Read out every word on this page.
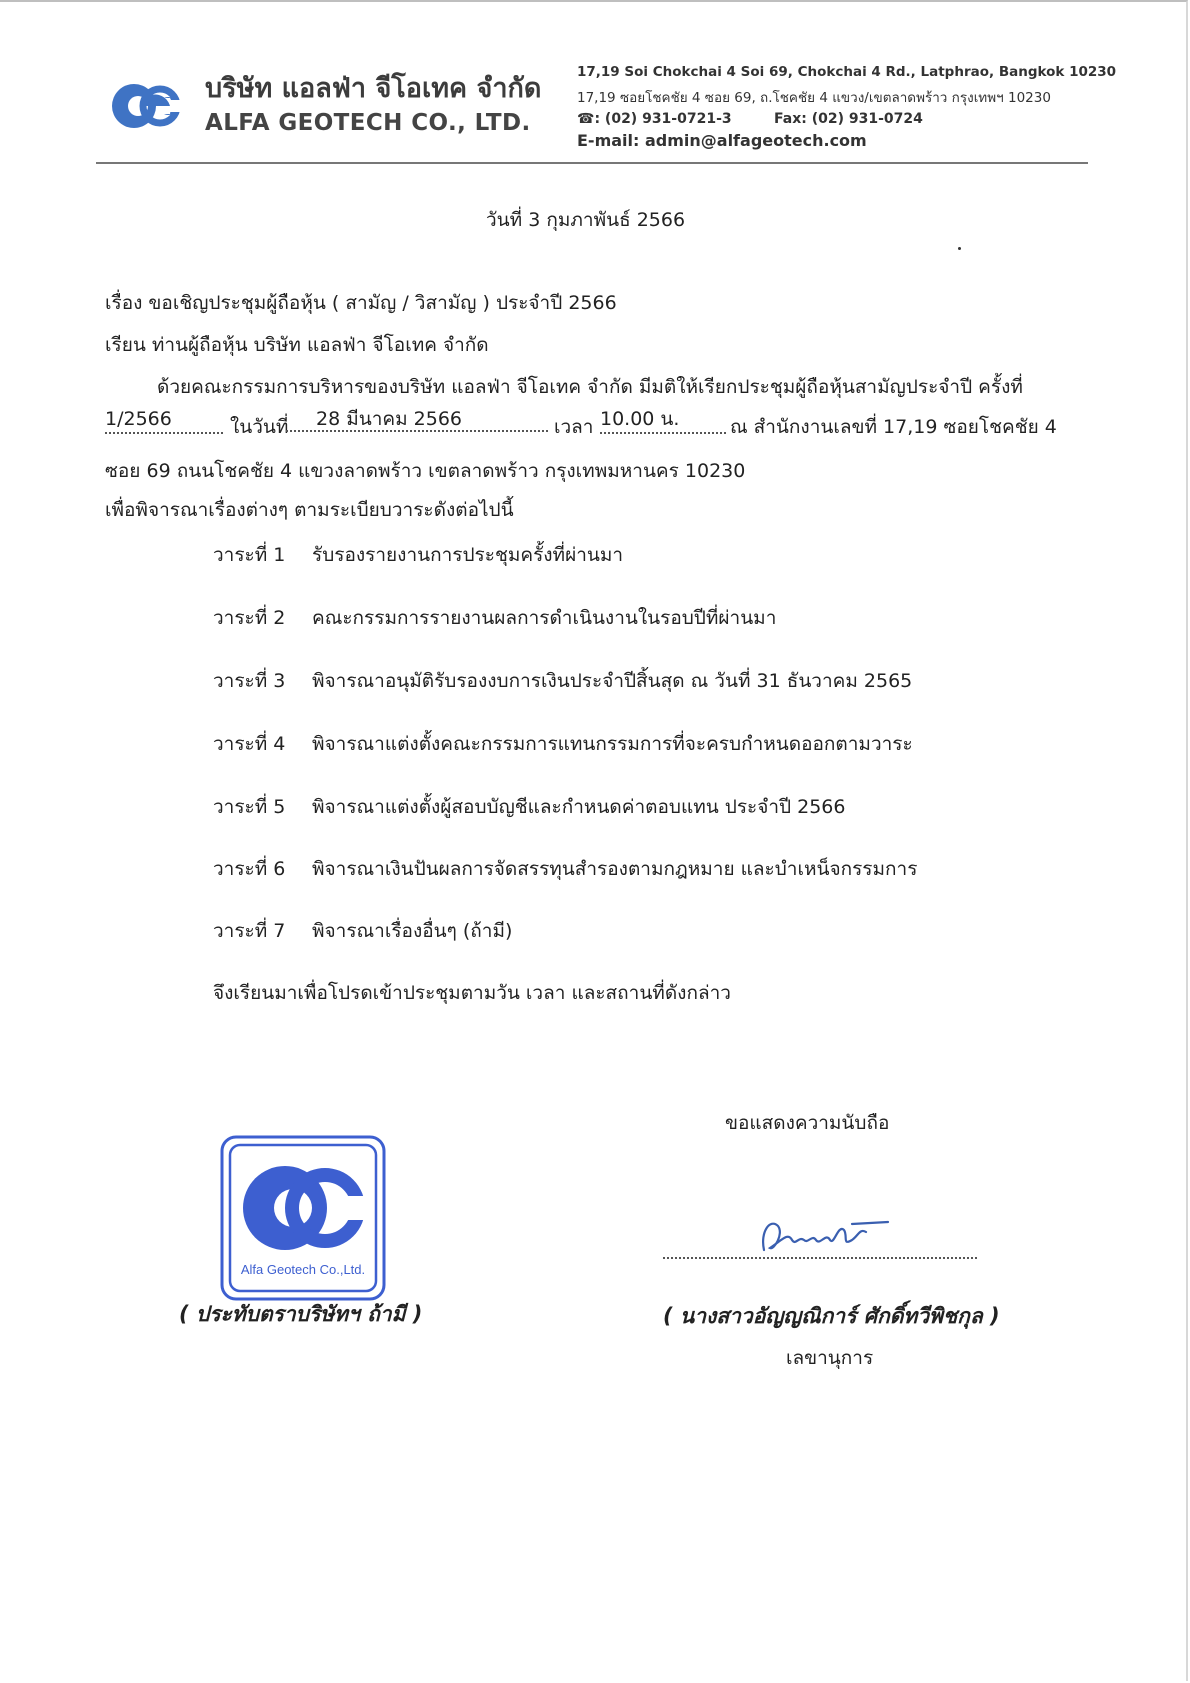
บริษัท แอลฟ่า จีโอเทค จำกัด
ALFA GEOTECH CO., LTD.
17,19 Soi Chokchai 4 Soi 69, Chokchai 4 Rd., Latphrao, Bangkok 10230
17,19 ซอยโชคชัย 4 ซอย 69, ถ.โชคชัย 4 แขวง/เขตลาดพร้าว กรุงเทพฯ 10230
☎: (02) 931-0721-3	Fax: (02) 931-0724
E-mail: admin@alfageotech.com
วันที่ 3 กุมภาพันธ์ 2566
เรื่อง ขอเชิญประชุมผู้ถือหุ้น ( สามัญ / วิสามัญ ) ประจำปี 2566
เรียน ท่านผู้ถือหุ้น บริษัท แอลฟ่า จีโอเทค จำกัด
ด้วยคณะกรรมการบริหารของบริษัท แอลฟ่า จีโอเทค จำกัด มีมติให้เรียกประชุมผู้ถือหุ้นสามัญประจำปี ครั้งที่
1/2566	ในวันที่	28 มีนาคม 2566	เวลา 10.00 น.	ณ สำนักงานเลขที่ 17,19 ซอยโชคชัย 4
ซอย 69 ถนนโชคชัย 4 แขวงลาดพร้าว เขตลาดพร้าว กรุงเทพมหานคร 10230
เพื่อพิจารณาเรื่องต่างๆ ตามระเบียบวาระดังต่อไปนี้
วาระที่ 1 รับรองรายงานการประชุมครั้งที่ผ่านมา
วาระที่ 2 คณะกรรมการรายงานผลการดำเนินงานในรอบปีที่ผ่านมา
วาระที่ 3 พิจารณาอนุมัติรับรองงบการเงินประจำปีสิ้นสุด ณ วันที่ 31 ธันวาคม 2565
วาระที่ 4 พิจารณาแต่งตั้งคณะกรรมการแทนกรรมการที่จะครบกำหนดออกตามวาระ
วาระที่ 5 พิจารณาแต่งตั้งผู้สอบบัญชีและกำหนดค่าตอบแทน ประจำปี 2566
วาระที่ 6 พิจารณาเงินปันผลการจัดสรรทุนสำรองตามกฎหมาย และบำเหน็จกรรมการ
วาระที่ 7 พิจารณาเรื่องอื่นๆ (ถ้ามี)
จึงเรียนมาเพื่อโปรดเข้าประชุมตามวัน เวลา และสถานที่ดังกล่าว
ขอแสดงความนับถือ
( นางสาวอัญญณิการ์ ศักดิ์ทวีพิชกุล )
เลขานุการ
Alfa Geotech Co.,Ltd.
( ประทับตราบริษัทฯ ถ้ามี )
